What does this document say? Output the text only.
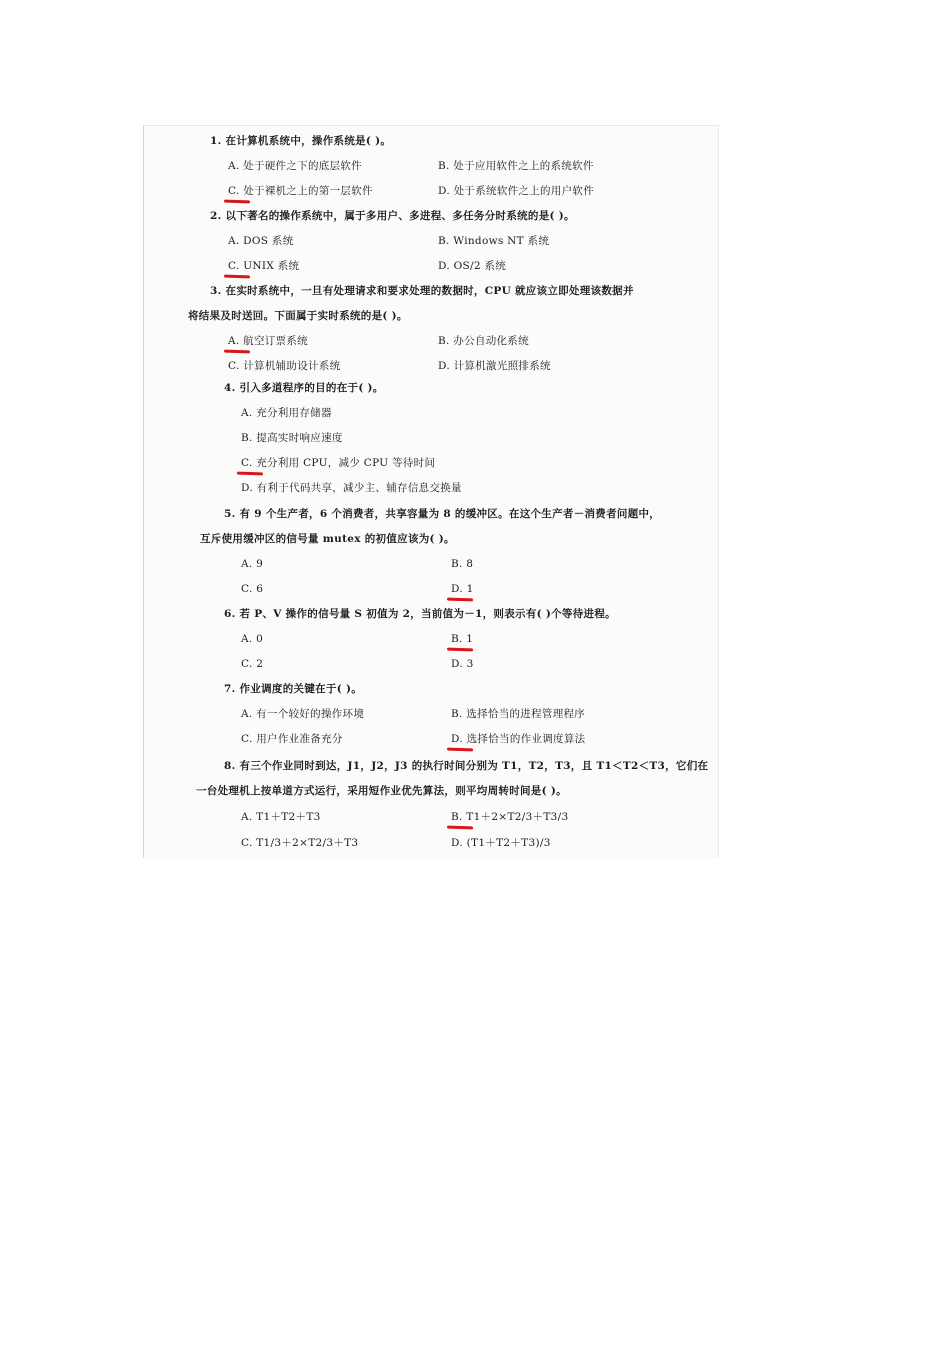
1. 在计算机系统中，操作系统是( )。
A. 处于硬件之下的底层软件	B. 处于应用软件之上的系统软件
C. 处于裸机之上的第一层软件	D. 处于系统软件之上的用户软件
2. 以下著名的操作系统中，属于多用户、多进程、多任务分时系统的是( )。
A. DOS 系统	B. Windows NT 系统
C. UNIX 系统	D. OS/2 系统
3. 在实时系统中，一旦有处理请求和要求处理的数据时，CPU 就应该立即处理该数据并
将结果及时送回。下面属于实时系统的是( )。
A. 航空订票系统	B. 办公自动化系统
C. 计算机辅助设计系统	D. 计算机激光照排系统
4. 引入多道程序的目的在于( )。
A. 充分利用存储器
B. 提高实时响应速度
C. 充分利用 CPU，减少 CPU 等待时间
D. 有利于代码共享，减少主、辅存信息交换量
5. 有 9 个生产者，6 个消费者，共享容量为 8 的缓冲区。在这个生产者－消费者问题中，
互斥使用缓冲区的信号量 mutex 的初值应该为( )。
A. 9	B. 8
C. 6	D. 1
6. 若 P、V 操作的信号量 S 初值为 2，当前值为－1，则表示有( )个等待进程。
A. 0	B. 1
C. 2	D. 3
7. 作业调度的关键在于( )。
A. 有一个较好的操作环境	B. 选择恰当的进程管理程序
C. 用户作业准备充分	D. 选择恰当的作业调度算法
8. 有三个作业同时到达，J1，J2，J3 的执行时间分别为 T1，T2，T3，且 T1＜T2＜T3，它们在
一台处理机上按单道方式运行，采用短作业优先算法，则平均周转时间是( )。
A. T1＋T2＋T3	B. T1＋2×T2/3＋T3/3
C. T1/3＋2×T2/3＋T3	D. (T1＋T2＋T3)/3
